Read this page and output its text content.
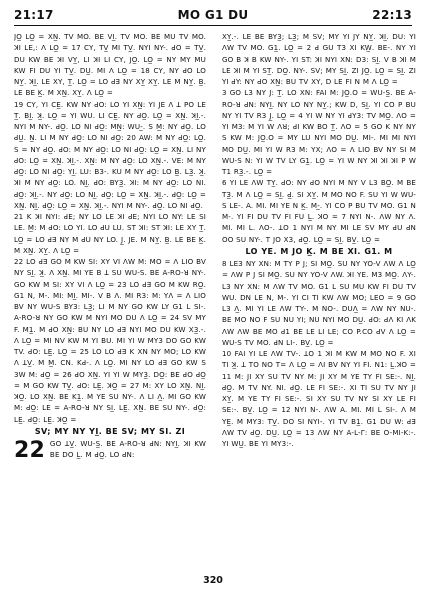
21:17	MO G1 DU	22:13

JO̲ LO̲ = XN̲. TV MO. BE VI̲. TV MO. BE MU TV MO. ꓘI LE,: Λ LO̲ = 17 CY, TV̲ MI TV̲. NYI NY-. ꓒO = TV̲. DU KW BE ꓘI VY̲, LI ꓘI LI CY, JO̲. LO̲ = NY MY MU KW FI DU YI TV̲. DU̲. MI Λ LO̲ = 18 CY, NY ꓒO LO NY̲. ꓘI̲. LE XY, T̲. LO̲ = LO ꓒƎ NY XY̲ XY̲. LE M NY̲. B̲. LE BE K̲. M XN̲. XY̲. Λ LO̲ =

19 CY, YI CE̲. KW NY ꓒO: LO YI XN̲: YI JE Λ ꓕ PO LE T̲. BI̲. ꓘ̲. LO̲ = YI WU. LI CE̲. NY ꓒO̲. LO̲ = XN̲. ꓘI̲.-. NYI M NY-. ꓒO̲. LO NI ꓒO̲: MN̲: WU-̲. S M̲: NY ꓒO̲. LO ꓒU̲. N̲. LI M NY ꓒO̲: LO NI ꓒO̲: 20 AW: M NY ꓒO̲: LO̲. S = NY ꓒO̲. ꓒO: M NY ꓒO̲: LO NI ꓒO̲: LO̲ = XN̲. LI NY ꓒO: LO̲ = XN̲. ꓘI̲.-. XN̲: M NY ꓒO̲: LO XN̲.-. VE: M NY ꓒO̲: LO NI ꓒO̲: YI̲. LU: B3-. KU M NY ꓒO̲: LO B̲. L3̲. ꓘ̲. ꓘI M NY ꓒO̲: LO. NI̲. ꓒO: BY3̲. ꓘI: M NY ꓒO̲: LO NI. ꓒO̲: ꓘI̲.-. NY ꓒO̲: LO NI̲. ꓒO̲: LO̲ = XN̲. ꓘI̲.-. ꓒO̲: LO̲ = XN̲. NI̲. ꓒO̲: LO̲ = XN̲. ꓘI̲.-. NYI M NY-. ꓒO̲. LO NI ꓒO̲.

21 K ꓘI NYI: ꓒE; NY LO LE ꓘI ꓒE; NYI LO NY: LE SI LE. M̲: M ꓒO: LO YI. LO ꓒU LU. ST ꓘI: ST ꓘI: LE XY T̲. LO̲ = LO ꓒƎ NY M ꓒU NY LO. J̲. JE. M NY̲. B̲. LE BE K̲. M XN̲. XY̲. Λ LO̲ =

22 LO ꓒƎ GO M KW SI: XY VI ΛW M: MO = Λ LIO BV NY SI̲. ꓘ̲. Λ XN̲. MI YE B ꓕ SU WU-S. BE A-RO-ꓤ NY-. GO KW M SI: XY VI Λ LO̲ = 23 LO ꓒƎ GO M KW RO̲. G1 N, M-. MI: MI̲. MI-. V B Λ. MI R3: M: YΛ = Λ LIO BV NY WU-S BY3: L3̲; LI M NY GO KW LY G1 L SI-. A-RO-ꓤ NY GO KW M NYI MO DU Λ LO̲ = 24 SV MY F. M1̲. M ꓒO XN̲: BU NY LO ꓒƎ NYI MO DU KW X3̲.-. Λ LO̲ = MI NV KW M YI BU. MI YI W MY3 DO GO KW TV. ꓒO: LE̲. LO̲ = 25 LO LO ꓒƎ K XN NY MO; LO KW Λ ꓕV̲. M M̲. CN. Kꓒ-. Λ LO̲. MI NY LO ꓒƎ GO KW S 3W M: ꓒO̲ = 26 ꓒO XN̲. YI YI W MY3̲. DO̲: BE ꓒO ꓒO̲ = M GO KW TV̲. ꓒO: LE̲. ꓘO̲ = 27 M: XY LO XN̲. NI̲. ꓘO̲. LO XN̲. BE K1̲. M YE SU NY-. Λ LI Λ̲. MI GO KW M: ꓒO̲: LE = A-RO-ꓤ NY SI̲. LE̲. XN̲. BE SU NY-. ꓒO̲: LE̲. ꓒO̲: LE̲. ꓘO̲ =

SV; MY NY YI̲. BE SV; MY SI. ZI

22 GO ꓕV̲. WU-S̲. BE A-RO-ꓤ ꓒN: NYI̲. ꓘI KW BE DO L̲. M ꓒO̲. LO ꓒN:

XY̲.-. LE BE BY3̲; L3̲; M SV; MY YI JY NY̲. ꓘI̲. DU: YI ΛW TV MO. G1̲. LO̲ = 2 ꓒ GU T3 XI KW̲. BE-. NY YI GO B ꓘ B KW NY-. YI ST: ꓘI NYI XN: D3: SI̲. V B ꓘI M LE ꓘI M YI ST̲. DO̲. NY-. SV; MY SI̲. ZI JO̲. LO̲ = SI̲. ZI YI ꓒY: NY ꓒO XN̲: BU TV XY, D LE FI N M Λ LO̲ =

3 GO L3 NY J: T̲. LO XN: FAI M: JO̲.O = WU-S̲. BE A-RO-ꓤ ꓒN: NYI̲. NY LO NY NY̲.; KW D, SI̲. YI CO P BU NY YI TV R3 J̲. LO̲ = 4 YI W NY YI ꓒY3: TV MO̲. ΛO = YI M3: M YI W Λꓤ; ꓒI KW BO T̲. ΛO = 5 GO K NY NY S KW M: JO̲.O = MY LU NYI MO DU̲. MI-. MI MI NYI MO DU̲. MI YI W R3 M: YX; ΛO = Λ LIO BV NY SI M WU-S N: YI W TV LY G1̲. LO̲ = YI W NY ꓘI ꓘI ꓘI P W T1 R3̲.-. LO̲ =

6 YI LE ΛW TY̲. ꓒO: NY ꓒO NYI M NY V L3 BO̲. M BE T3̲. M Λ LO̲ = SI̲. ꓒ̲. SI XY̲. M MO NO F. SU YI W WU-S LE-. A. MI. MI YE N K̲. M-̲. YI CO P BU TV MO. G1 N M-. YI FI DU TV FI FU L̲. ꓘO = 7 NYI N-. ΛW NY Λ. MI. MI L. ΛO-. ꓕO 1 NYI M NY MI LE SV MY ꓒU ꓒN OO SU NY-. T JO X3, ꓒO̲. LO̲ = SI̲. BV̲. LO̲ =

LO YE. M JO K̲. M BE XI. G1. M

8 LE3 NY XN: M TY P J; SI MO̲. SU NY YO-V ΛW Λ LO̲ = ΛW P J SI MO̲. SU NY YO-V ΛW. ꓘI YE. M3 MO̲. ΛY-. L3 NY XN: M ΛW TV MO. G1 L SU MU KW FI DU TV WU. DN LE N, M-. YI CI TI KW ΛW MO; LEO = 9 GO L3 Λ̲. MI YI LE ΛW TY-. M NO-. DUΛ̲ = ΛW NY NU-. BE MO NO F SU NU YI; NU NYI MO DU̲. ꓒO: ꓒΛ KI ΛK ΛW ΛW BE MO ꓒ1 BE LE LI LE; CO P.CO ꓒV Λ LO̲ = WU-S TV MO. ꓒN LI-. BV̲. LO̲ =

10 FAI YI LE ΛW TV-. ꓕO 1 ꓘI M KW M MO NO F. XI TI ꓘ̲. ꓕ TO NO T= Λ LO̲ = ΛI BV NY YI FI. N1: L̲.ꓘO = 11 M: JI XY SU TV NY M: JI XY M YE TY FI SE:-. NI̲. ꓒO̲. M TV NY. NI. ꓒO̲. LE FI SE:-. XI TI SU TV NY JI XY̲. M YE TY FI SE:-. SI XY SU TV NY SI XY LE FI SE:-. BV̲. LO̲ = 12 NYI N-. ΛW A. MI. MI L SI-. Λ M YE̲. M MY3: TV̲. DO SI NYI-. YI TV B1̲. G1 DU W: ꓒƎ ΛW TV ꓒO̲. DU̲. LO̲ = 13 ΛW NY A-L-Γ: BE O-MI-K:-. YI WU̲. BE YI MY3:-.

320
